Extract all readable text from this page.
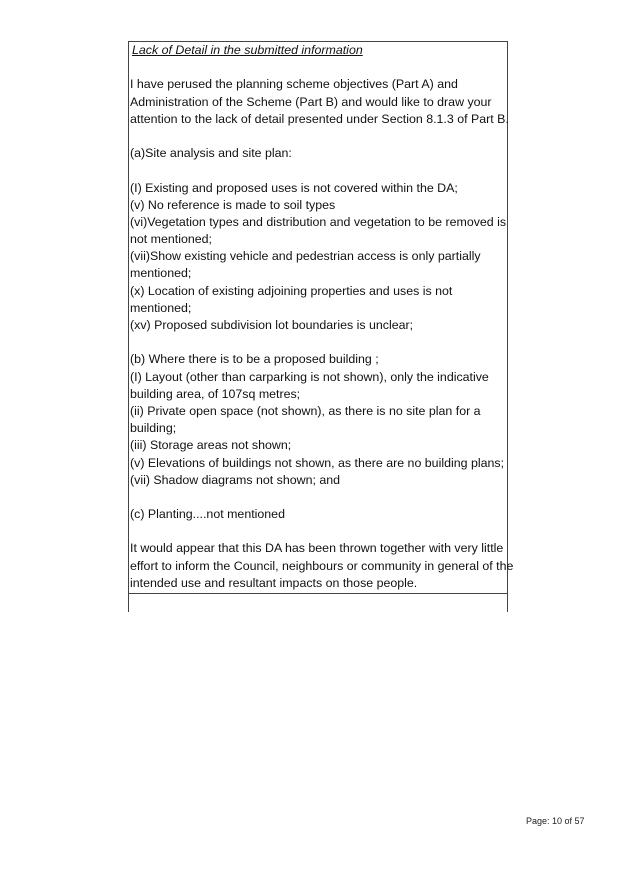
Lack of Detail in the submitted information
I have perused the planning scheme objectives (Part A) and
Administration of the Scheme (Part B) and would like to draw your
attention to the lack of detail presented under Section 8.1.3 of Part B.
(a)Site analysis and site plan:
(I) Existing and proposed uses is not covered within the DA;
(v) No reference is made to soil types
(vi)Vegetation types and distribution and vegetation to be removed is
not mentioned;
(vii)Show existing vehicle and pedestrian access is only partially
mentioned;
(x) Location of existing adjoining properties and uses is not
mentioned;
(xv) Proposed subdivision lot boundaries is unclear;
(b) Where there is to be a proposed building ;
(I) Layout (other than carparking is not shown), only the indicative
building area, of 107sq metres;
(ii) Private open space (not shown), as there is no site plan for a
building;
(iii) Storage areas not shown;
(v) Elevations of buildings not shown, as there are no building plans;
(vii) Shadow diagrams not shown; and
(c) Planting....not mentioned
It would appear that this DA has been thrown together with very little
effort to inform the Council, neighbours or community in general of the
intended use and resultant impacts on those people.
Page: 10 of 57
